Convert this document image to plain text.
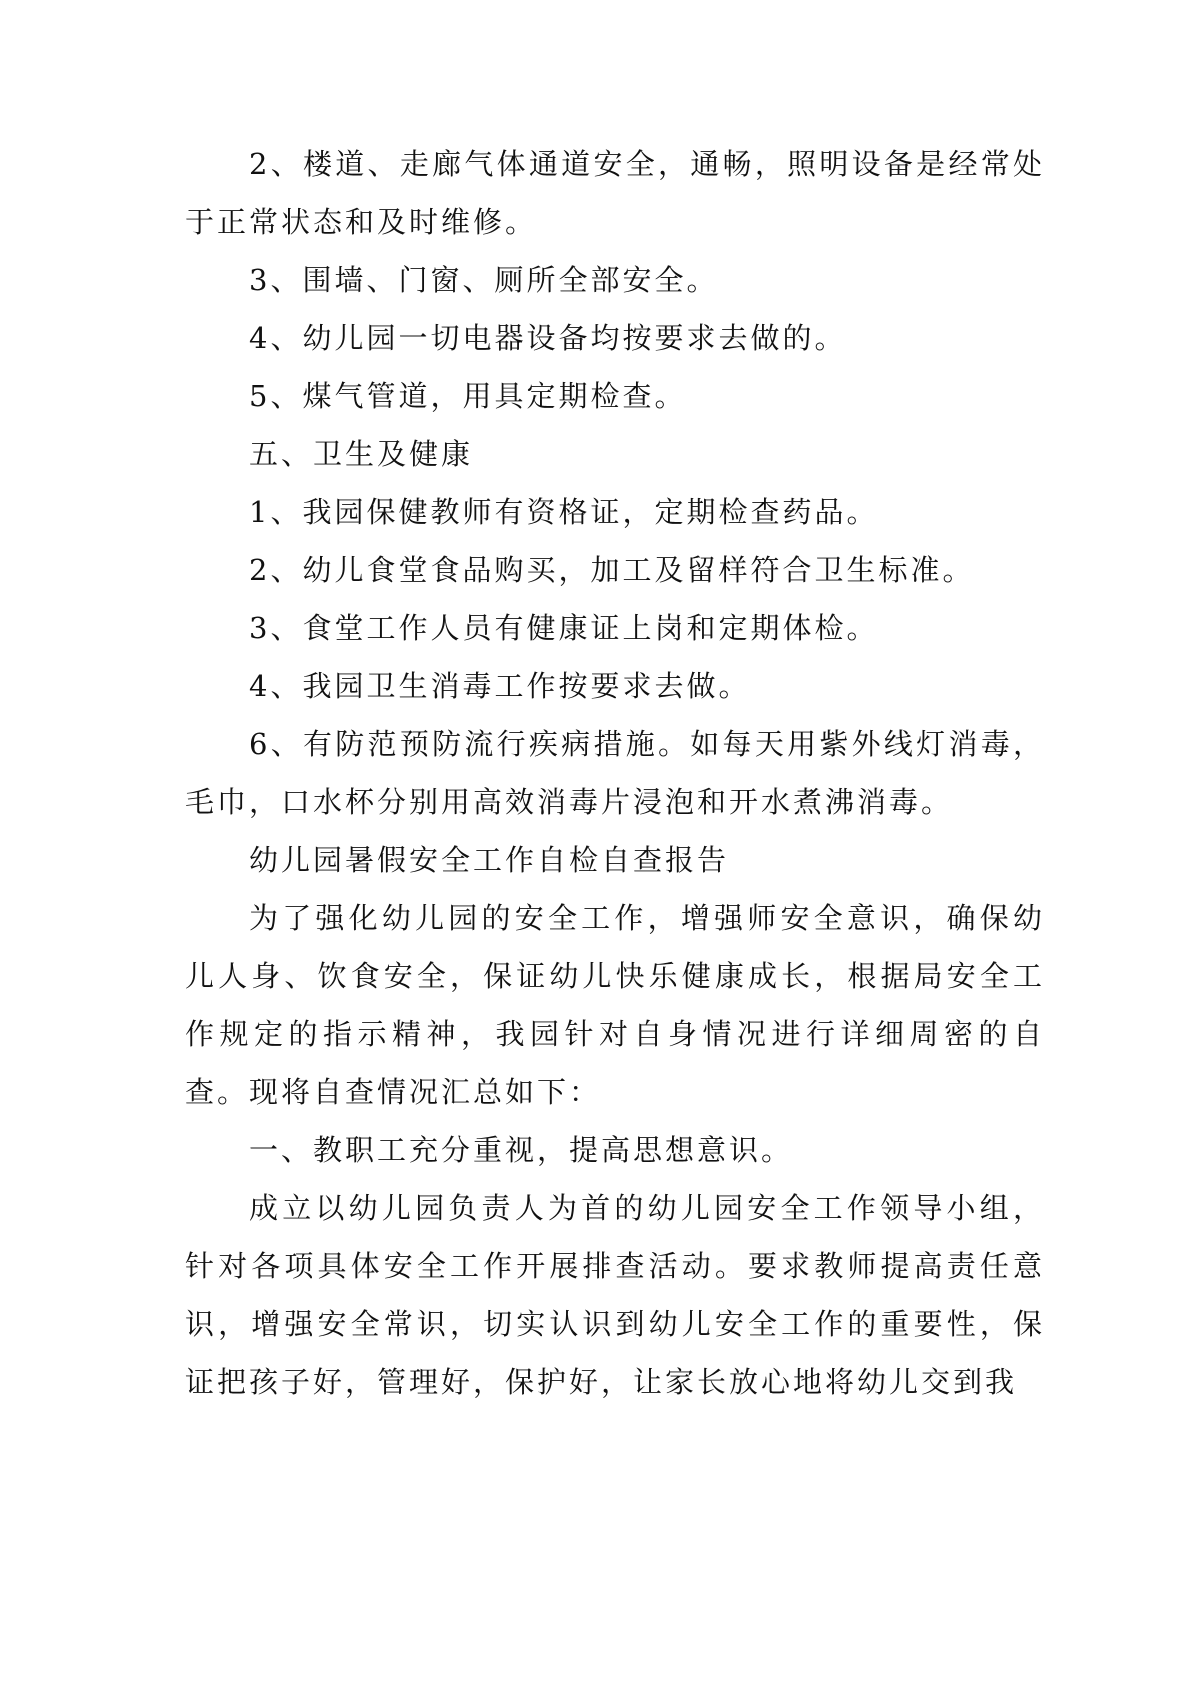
2、楼道、走廊气体通道安全，通畅，照明设备是经常处于正常状态和及时维修。

3、围墙、门窗、厕所全部安全。

4、幼儿园一切电器设备均按要求去做的。

5、煤气管道，用具定期检查。

五、卫生及健康

1、我园保健教师有资格证，定期检查药品。

2、幼儿食堂食品购买，加工及留样符合卫生标准。

3、食堂工作人员有健康证上岗和定期体检。

4、我园卫生消毒工作按要求去做。

6、有防范预防流行疾病措施。如每天用紫外线灯消毒，毛巾，口水杯分别用高效消毒片浸泡和开水煮沸消毒。

幼儿园暑假安全工作自检自查报告

为了强化幼儿园的安全工作，增强师安全意识，确保幼儿人身、饮食安全，保证幼儿快乐健康成长，根据局安全工作规定的指示精神，我园针对自身情况进行详细周密的自查。现将自查情况汇总如下：

一、教职工充分重视，提高思想意识。

成立以幼儿园负责人为首的幼儿园安全工作领导小组，针对各项具体安全工作开展排查活动。要求教师提高责任意识，增强安全常识，切实认识到幼儿安全工作的重要性，保证把孩子好，管理好，保护好，让家长放心地将幼儿交到我
